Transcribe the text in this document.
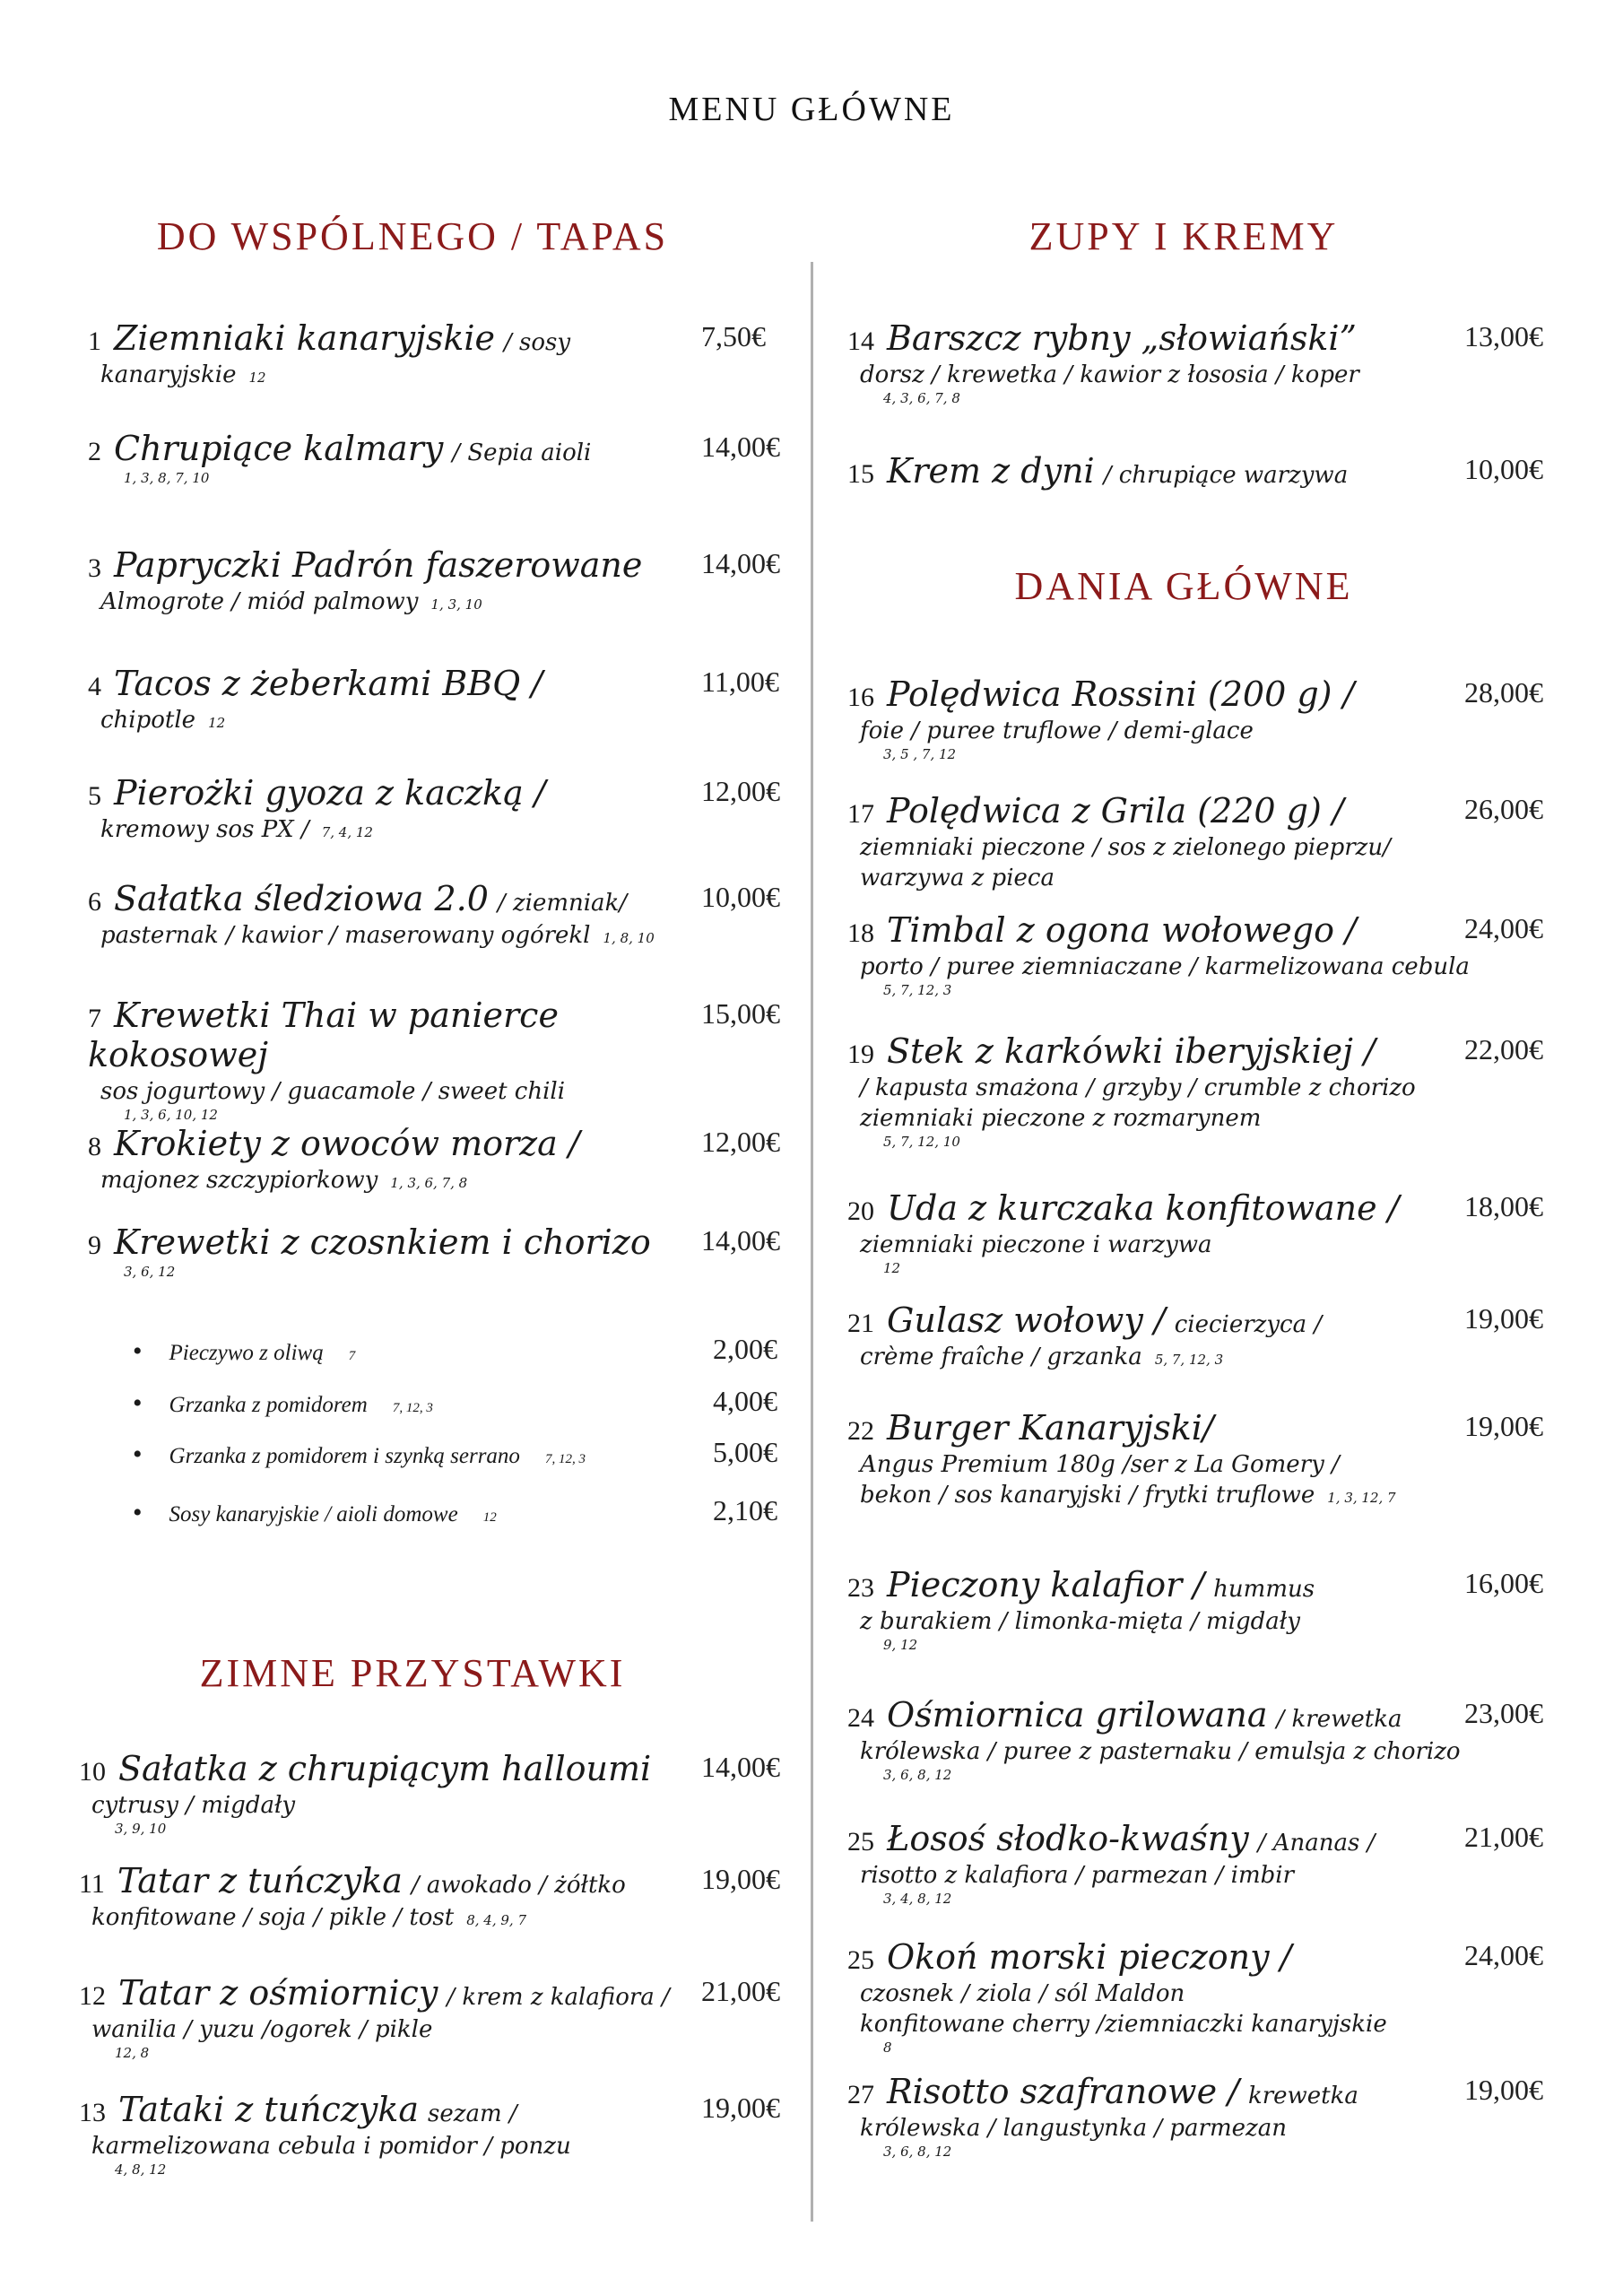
MENU GŁÓWNE
DO WSPÓLNEGO / TAPAS	ZUPY I KREMY
DANIA GŁÓWNE
ZIMNE PRZYSTAWKI
1 Ziemniaki kanaryjskie / sosy
kanaryjskie 12
7,50€
2 Chrupiące kalmary / Sepia aioli
1, 3, 8, 7, 10
14,00€
3 Papryczki Padrón faszerowane
Almogrote / miód palmowy 1, 3, 10
14,00€
4 Tacos z żeberkami BBQ /
chipotle 12
11,00€
5 Pierożki gyoza z kaczką /
kremowy sos PX / 7, 4, 12
12,00€
6 Sałatka śledziowa 2.0 / ziemniak/
pasternak / kawior / maserowany ogórekl 1, 8, 10
10,00€
7 Krewetki Thai w panierce kokosowej
sos jogurtowy / guacamole / sweet chili
1, 3, 6, 10, 12
15,00€
8 Krokiety z owoców morza /
majonez szczypiorkowy 1, 3, 6, 7, 8
12,00€
9 Krewetki z czosnkiem i chorizo
3, 6, 12
14,00€
10 Sałatka z chrupiącym halloumi
cytrusy / migdały
3, 9, 10
14,00€
11 Tatar z tuńczyka / awokado / żółtko
konfitowane / soja / pikle / tost 8, 4, 9, 7
19,00€
12 Tatar z ośmiornicy / krem z kalafiora /
wanilia / yuzu /ogorek / pikle
12, 8
21,00€
13 Tataki z tuńczyka sezam /
karmelizowana cebula i pomidor / ponzu
4, 8, 12
19,00€
14 Barszcz rybny „słowiański”
dorsz / krewetka / kawior z łososia / koper
4, 3, 6, 7, 8
13,00€
15 Krem z dyni / chrupiące warzywa	10,00€
16 Polędwica Rossini (200 g) /
foie / puree truflowe / demi-glace
3, 5 , 7, 12
28,00€
17 Polędwica z Grila (220 g) /
ziemniaki pieczone / sos z zielonego pieprzu/
warzywa z pieca
26,00€
18 Timbal z ogona wołowego /
porto / puree ziemniaczane / karmelizowana cebula
5, 7, 12, 3
24,00€
19 Stek z karkówki iberyjskiej /
/ kapusta smażona / grzyby / crumble z chorizo
ziemniaki pieczone z rozmarynem
5, 7, 12, 10
22,00€
20 Uda z kurczaka konfitowane /
ziemniaki pieczone i warzywa
12
18,00€
21 Gulasz wołowy / ciecierzyca /
crème fraîche / grzanka 5, 7, 12, 3
19,00€
22 Burger Kanaryjski/
Angus Premium 180g /ser z La Gomery /
bekon / sos kanaryjski / frytki truflowe 1, 3, 12, 7
19,00€
23 Pieczony kalafior / hummus
z burakiem / limonka-mięta / migdały
9, 12
16,00€
24 Ośmiornica grilowana / krewetka
królewska / puree z pasternaku / emulsja z chorizo
3, 6, 8, 12
23,00€
25 Łosoś słodko-kwaśny / Ananas /
risotto z kalafiora / parmezan / imbir
3, 4, 8, 12
21,00€
25 Okoń morski pieczony /
czosnek / ziola / sól Maldon
konfitowane cherry /ziemniaczki kanaryjskie
8
24,00€
27 Risotto szafranowe / krewetka
królewska / langustynka / parmezan
3, 6, 8, 12
19,00€
• Pieczywo z oliwą 7	2,00€
• Grzanka z pomidorem 7, 12, 3	4,00€
• Grzanka z pomidorem i szynką serrano 7, 12, 3	5,00€
• Sosy kanaryjskie / aioli domowe 12	2,10€
